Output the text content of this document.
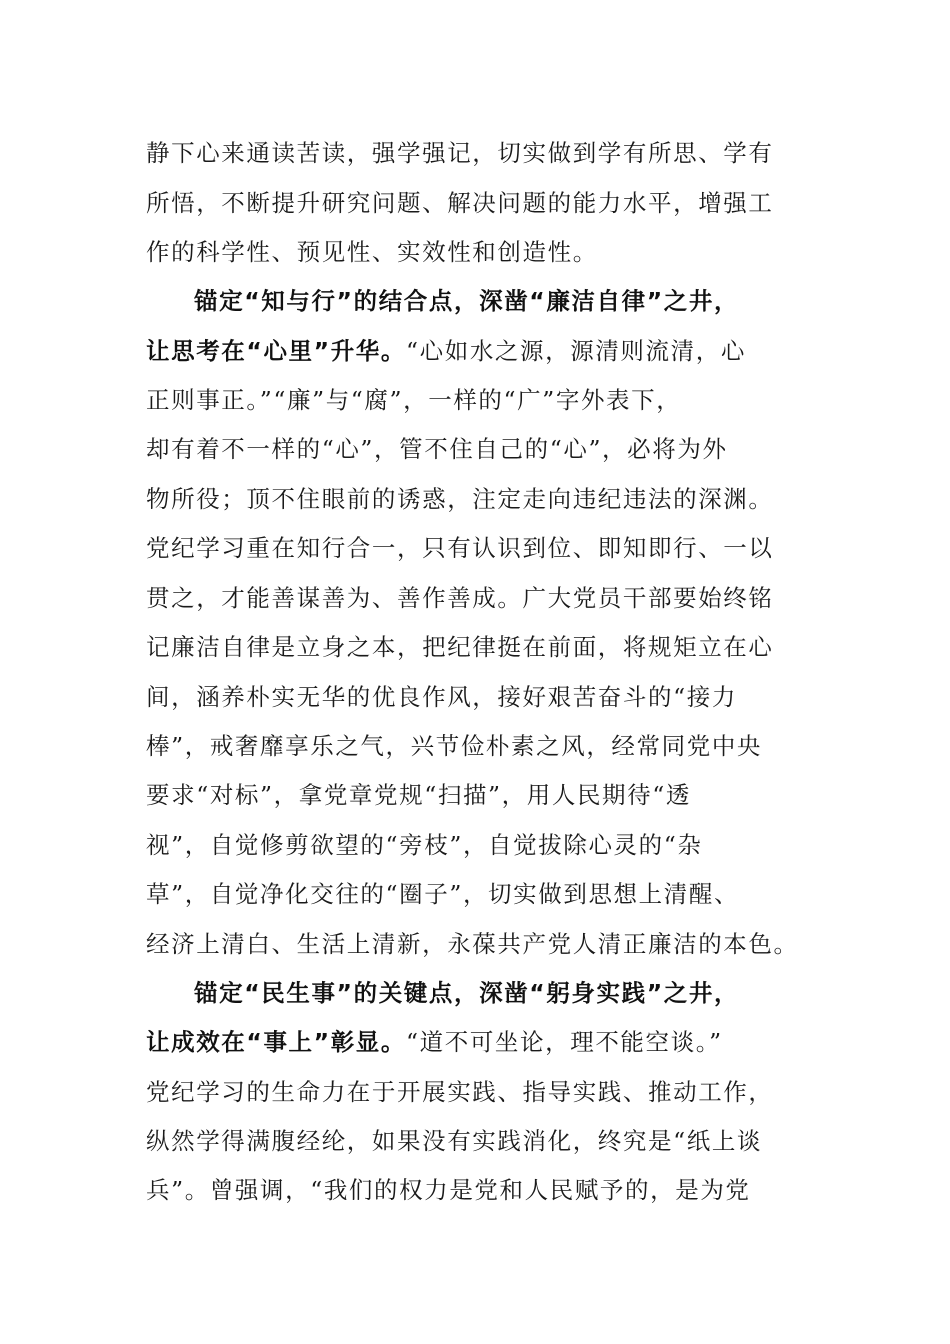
静下心来通读苦读，强学强记，切实做到学有所思、学有
所悟，不断提升研究问题、解决问题的能力水平，增强工
作的科学性、预见性、实效性和创造性。
锚定“知与行”的结合点，深凿“廉洁自律”之井，
让思考在“心里”升华。“心如水之源，源清则流清，心
正则事正。”“廉”与“腐”，一样的“广”字外表下，
却有着不一样的“心”，管不住自己的“心”，必将为外
物所役；顶不住眼前的诱惑，注定走向违纪违法的深渊。
党纪学习重在知行合一，只有认识到位、即知即行、一以
贯之，才能善谋善为、善作善成。广大党员干部要始终铭
记廉洁自律是立身之本，把纪律挺在前面，将规矩立在心
间，涵养朴实无华的优良作风，接好艰苦奋斗的“接力
棒”，戒奢靡享乐之气，兴节俭朴素之风，经常同党中央
要求“对标”，拿党章党规“扫描”，用人民期待“透
视”，自觉修剪欲望的“旁枝”，自觉拔除心灵的“杂
草”，自觉净化交往的“圈子”，切实做到思想上清醒、
经济上清白、生活上清新，永葆共产党人清正廉洁的本色。
锚定“民生事”的关键点，深凿“躬身实践”之井，
让成效在“事上”彰显。“道不可坐论，理不能空谈。”
党纪学习的生命力在于开展实践、指导实践、推动工作，
纵然学得满腹经纶，如果没有实践消化，终究是“纸上谈
兵”。曾强调，“我们的权力是党和人民赋予的，是为党
